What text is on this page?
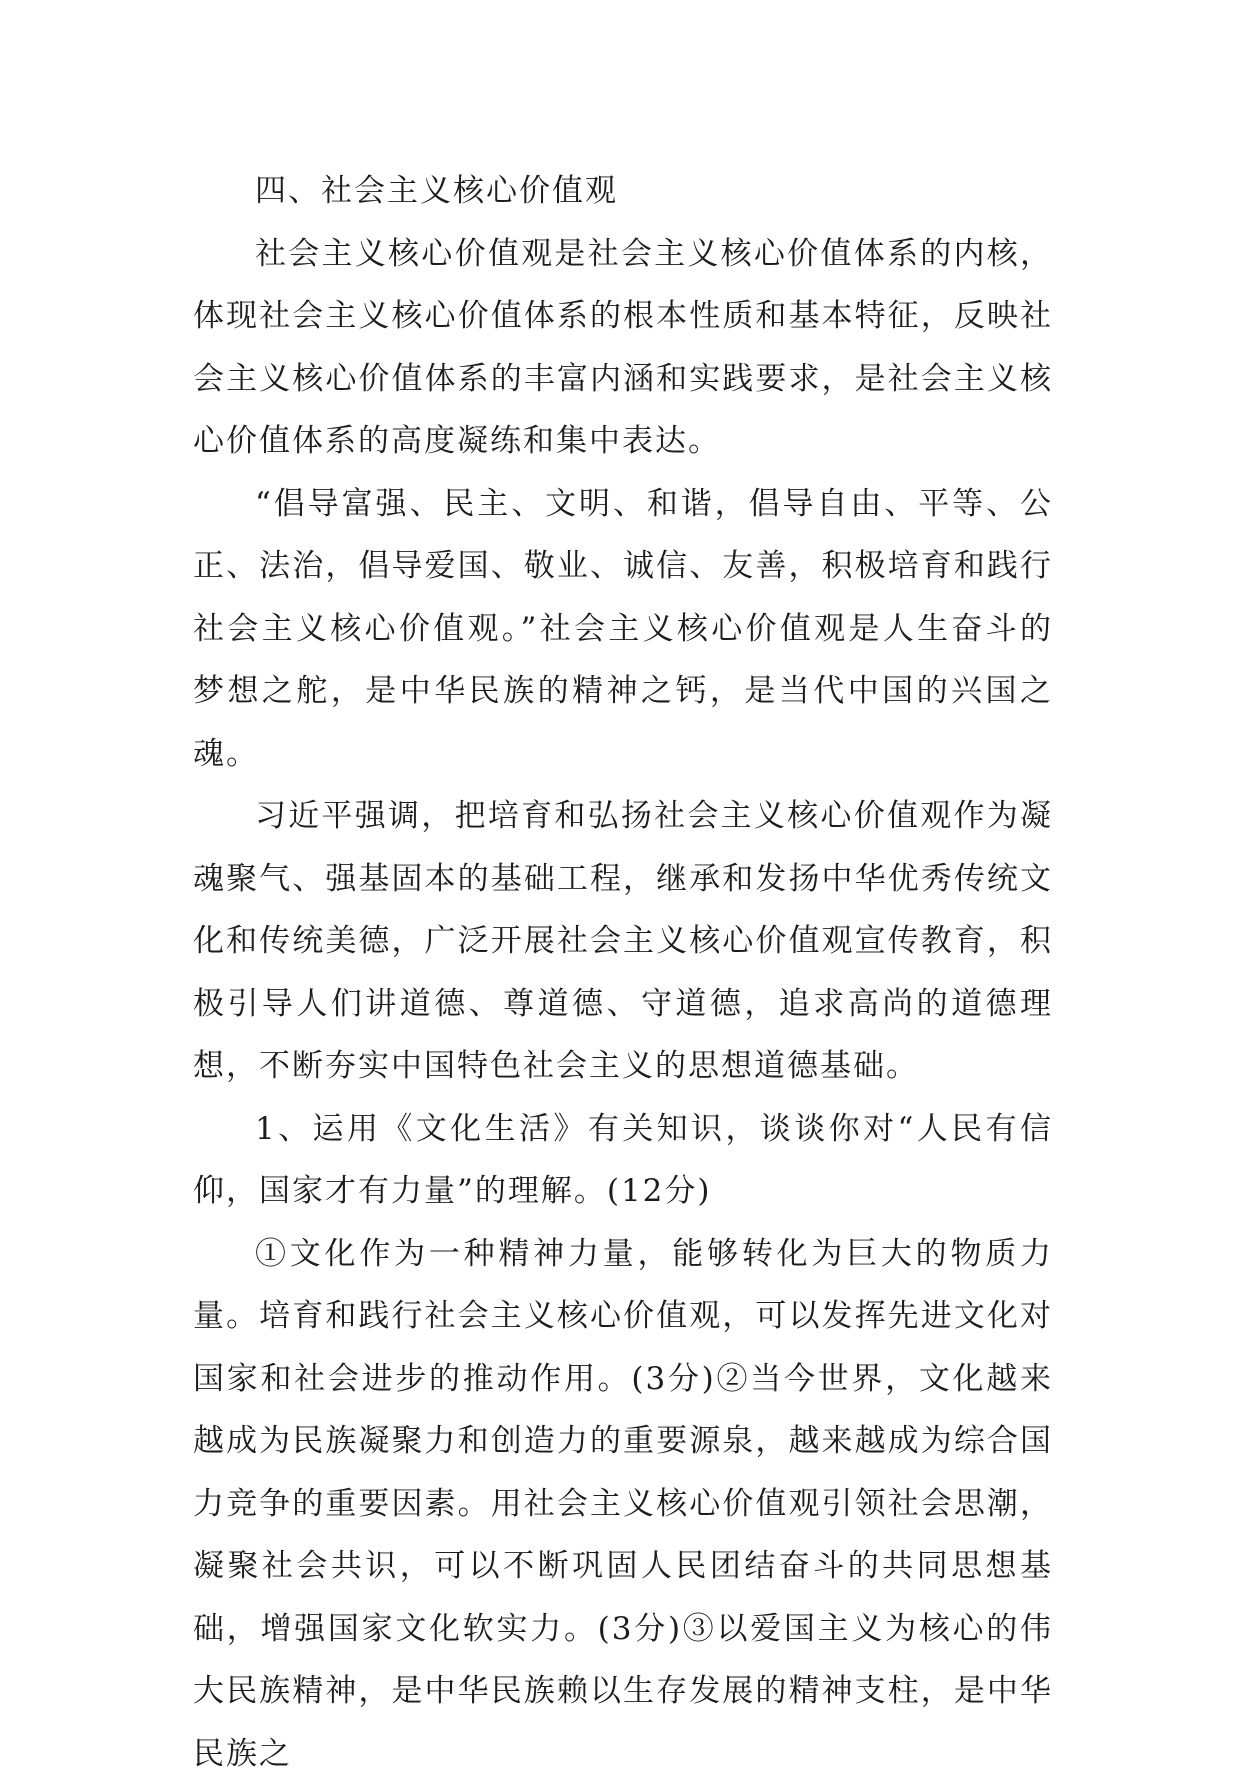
四、社会主义核心价值观

社会主义核心价值观是社会主义核心价值体系的内核，体现社会主义核心价值体系的根本性质和基本特征，反映社会主义核心价值体系的丰富内涵和实践要求，是社会主义核心价值体系的高度凝练和集中表达。

“倡导富强、民主、文明、和谐，倡导自由、平等、公正、法治，倡导爱国、敬业、诚信、友善，积极培育和践行社会主义核心价值观。”社会主义核心价值观是人生奋斗的梦想之舵，是中华民族的精神之钙，是当代中国的兴国之魂。

习近平强调，把培育和弘扬社会主义核心价值观作为凝魂聚气、强基固本的基础工程，继承和发扬中华优秀传统文化和传统美德，广泛开展社会主义核心价值观宣传教育，积极引导人们讲道德、尊道德、守道德，追求高尚的道德理想，不断夯实中国特色社会主义的思想道德基础。

1、运用《文化生活》有关知识，谈谈你对“人民有信仰，国家才有力量”的理解。(12分)

①文化作为一种精神力量，能够转化为巨大的物质力量。培育和践行社会主义核心价值观，可以发挥先进文化对国家和社会进步的推动作用。(3分)②当今世界，文化越来越成为民族凝聚力和创造力的重要源泉，越来越成为综合国力竞争的重要因素。用社会主义核心价值观引领社会思潮，凝聚社会共识，可以不断巩固人民团结奋斗的共同思想基础，增强国家文化软实力。(3分)③以爱国主义为核心的伟大民族精神，是中华民族赖以生存发展的精神支柱，是中华民族之
